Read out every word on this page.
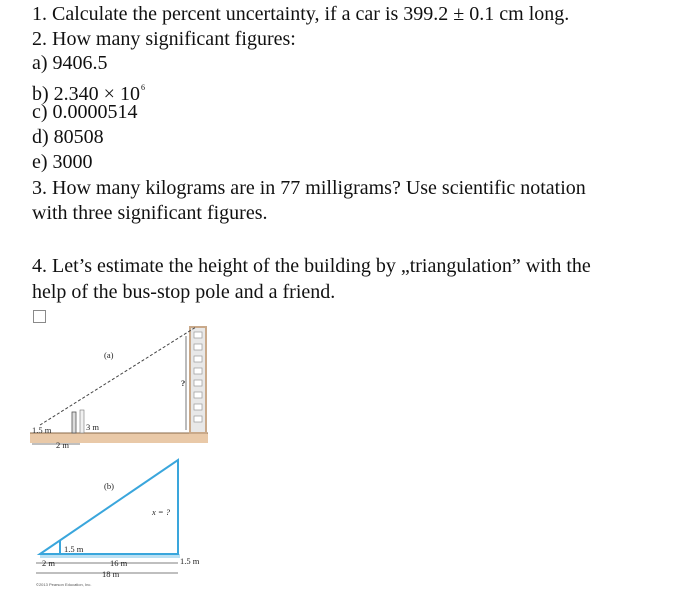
1. Calculate the percent uncertainty, if a car is 399.2 ± 0.1 cm long.
2. How many significant figures:
a) 9406.5
b) $2.340 \times 10^6$
c) 0.0000514
d) 80508
e) 3000
3. How many kilograms are in 77 milligrams? Use scientific notation
with three significant figures.
4. Let’s estimate the height of the building by „triangulation” with the
help of the bus-stop pole and a friend.
?
(a)
3 m
1.5 m
2 m
(b)
x = ?
1.5 m
1.5 m
2 m	16 m
18 m
©2013 Pearson Education, Inc.
